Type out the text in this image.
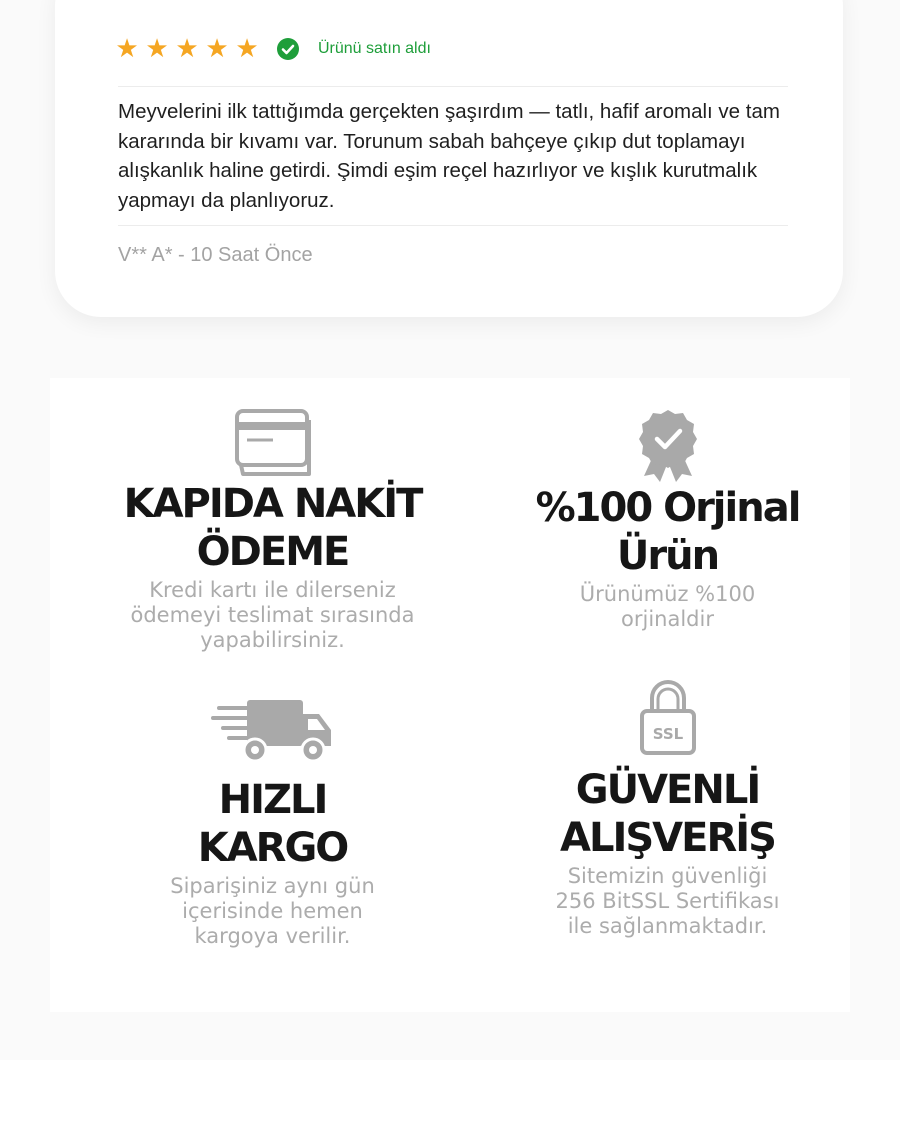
★ ★ ★ ★ ★	Ürünü satın aldı
Meyvelerini ilk tattığımda gerçekten şaşırdım — tatlı, hafif aromalı ve tam kararında bir kıvamı var. Torunum sabah bahçeye çıkıp dut toplamayı alışkanlık haline getirdi. Şimdi eşim reçel hazırlıyor ve kışlık kurutmalık yapmayı da planlıyoruz.
V** A* - 10 Saat Önce

KAPIDA NAKİT

ÖDEME

Kredi kartı ile dilerseniz

ödemeyi teslimat sırasında

yapabilirsiniz.

%100 Orjinal

Ürün

Ürünümüz %100

orjinaldir

HIZLI

KARGO

Siparişiniz aynı gün

içerisinde hemen

kargoya verilir.

SSL

GÜVENLİ

ALIŞVERİŞ

Sitemizin güvenliği

256 BitSSL Sertifikası

ile sağlanmaktadır.
